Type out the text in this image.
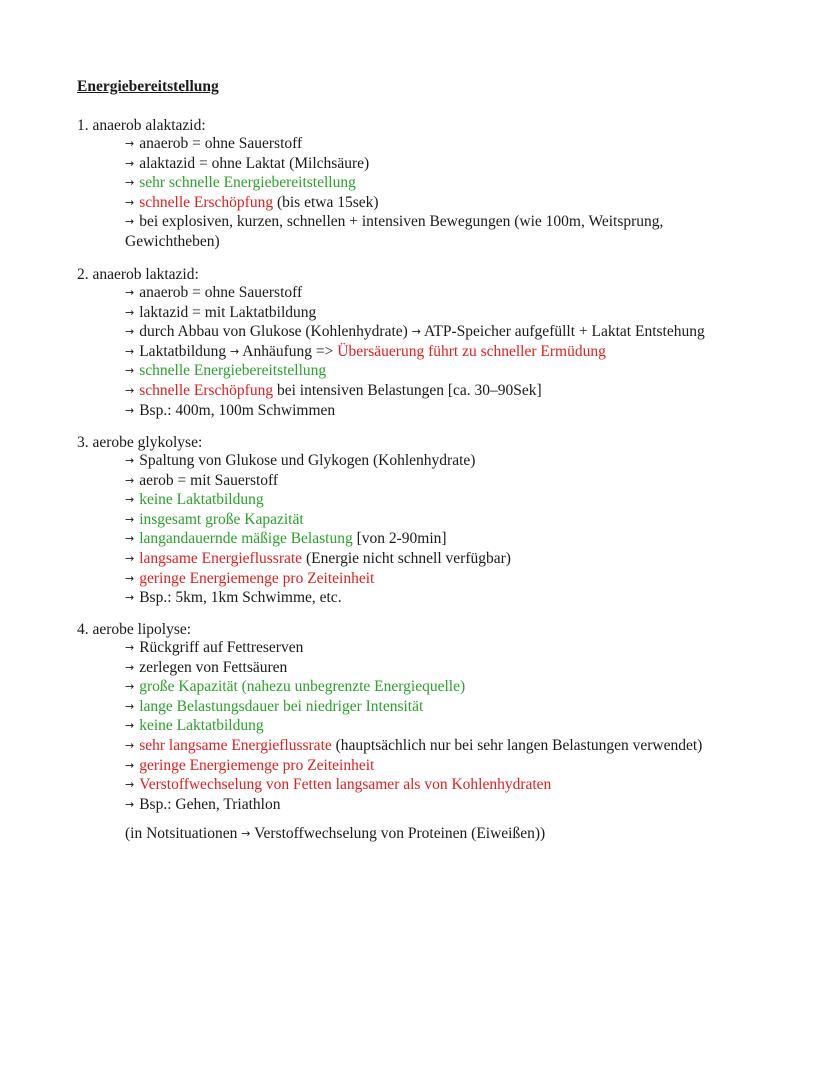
Energiebereitstellung

1. anaerob alaktazid:

→ anaerob = ohne Sauerstoff
→ alaktazid = ohne Laktat (Milchsäure)
→ sehr schnelle Energiebereitstellung
→ schnelle Erschöpfung (bis etwa 15sek)
→ bei explosiven, kurzen, schnellen + intensiven Bewegungen (wie 100m, Weitsprung,
Gewichtheben)

2. anaerob laktazid:

→ anaerob = ohne Sauerstoff
→ laktazid = mit Laktatbildung
→ durch Abbau von Glukose (Kohlenhydrate) → ATP-Speicher aufgefüllt + Laktat Entstehung
→ Laktatbildung → Anhäufung => Übersäuerung führt zu schneller Ermüdung
→ schnelle Energiebereitstellung
→ schnelle Erschöpfung bei intensiven Belastungen [ca. 30–90Sek]
→ Bsp.: 400m, 100m Schwimmen

3. aerobe glykolyse:

→ Spaltung von Glukose und Glykogen (Kohlenhydrate)
→ aerob = mit Sauerstoff
→ keine Laktatbildung
→ insgesamt große Kapazität
→ langandauernde mäßige Belastung [von 2-90min]
→ langsame Energieflussrate (Energie nicht schnell verfügbar)
→ geringe Energiemenge pro Zeiteinheit
→ Bsp.: 5km, 1km Schwimme, etc.

4. aerobe lipolyse:

→ Rückgriff auf Fettreserven
→ zerlegen von Fettsäuren
→ große Kapazität (nahezu unbegrenzte Energiequelle)
→ lange Belastungsdauer bei niedriger Intensität
→ keine Laktatbildung
→ sehr langsame Energieflussrate (hauptsächlich nur bei sehr langen Belastungen verwendet)
→ geringe Energiemenge pro Zeiteinheit
→ Verstoffwechselung von Fetten langsamer als von Kohlenhydraten
→ Bsp.: Gehen, Triathlon

(in Notsituationen → Verstoffwechselung von Proteinen (Eiweißen))
